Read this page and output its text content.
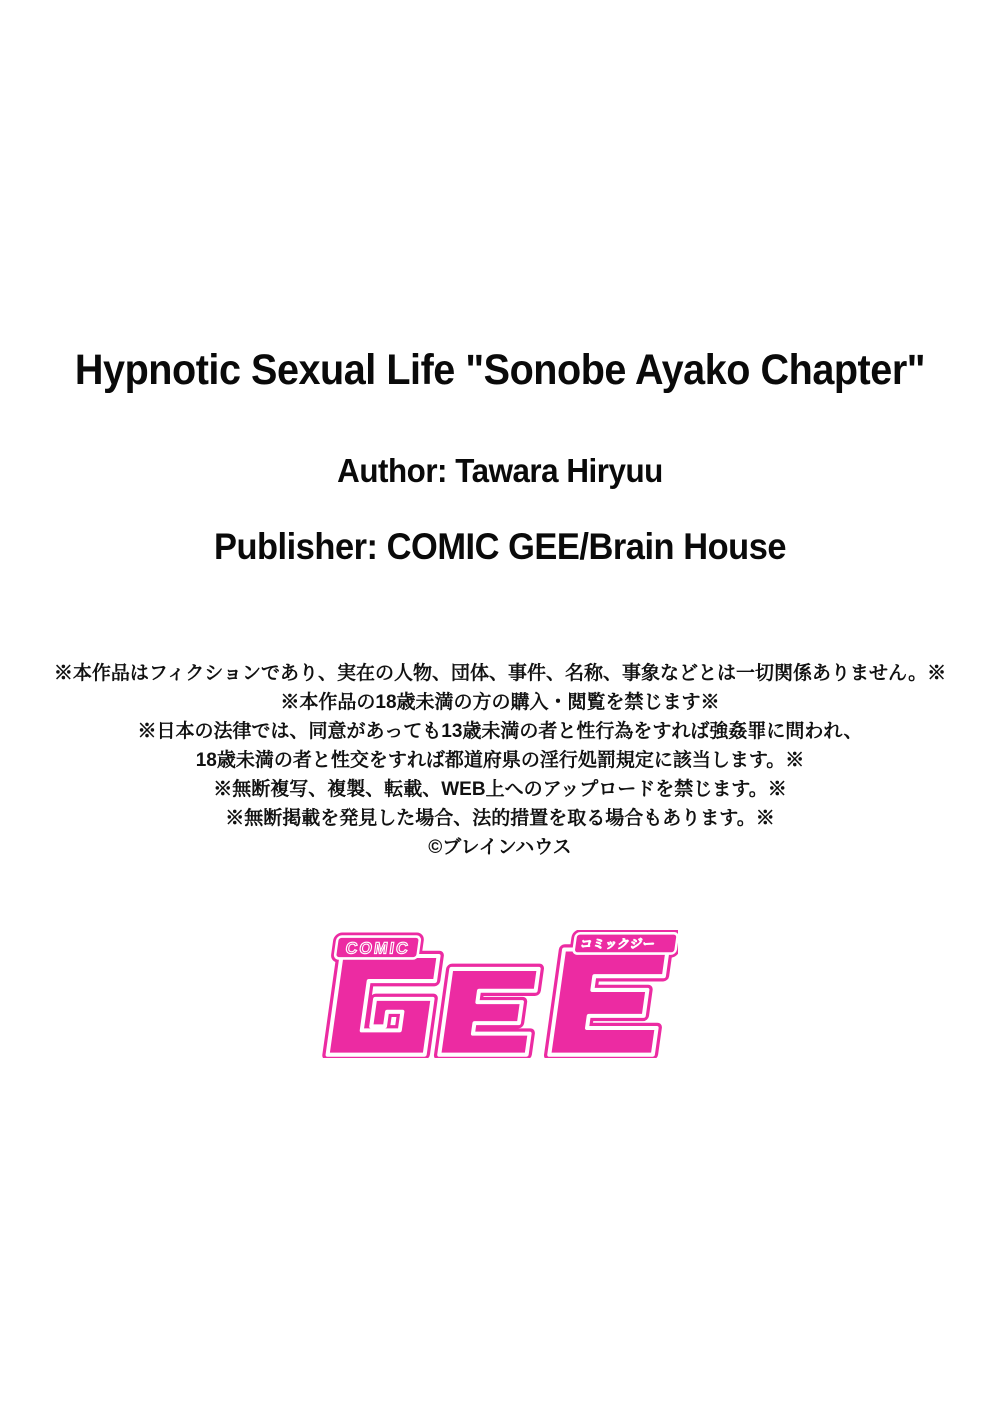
Hypnotic Sexual Life "Sonobe Ayako Chapter"
Author: Tawara Hiryuu
Publisher: COMIC GEE/Brain House
※本作品はフィクションであり、実在の人物、団体、事件、名称、事象などとは一切関係ありません。※
※本作品の18歳未満の方の購入・閲覧を禁じます※
※日本の法律では、同意があっても13歳未満の者と性行為をすれば強姦罪に問われ、
18歳未満の者と性交をすれば都道府県の淫行処罰規定に該当します。※
※無断複写、複製、転載、WEB上へのアップロードを禁じます。※
※無断掲載を発見した場合、法的措置を取る場合もあります。※
©ブレインハウス
COMIC	コミックジー
